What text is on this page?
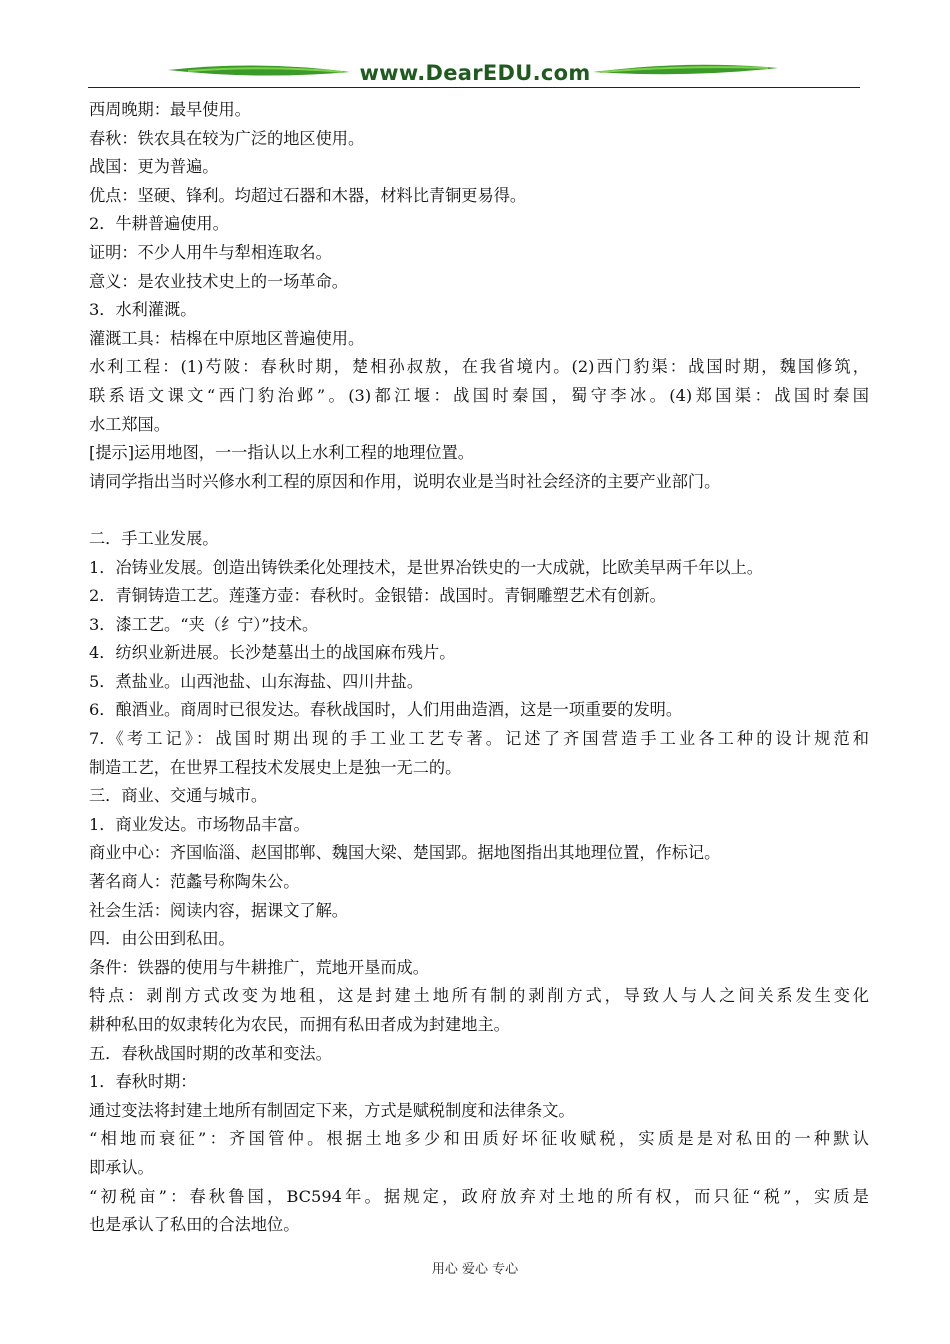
www.DearEDU.com
西周晚期：最早使用。
春秋：铁农具在较为广泛的地区使用。
战国：更为普遍。
优点：坚硬、锋利。均超过石器和木器，材料比青铜更易得。
2．牛耕普遍使用。
证明：不少人用牛与犁相连取名。
意义：是农业技术史上的一场革命。
3．水利灌溉。
灌溉工具：桔槔在中原地区普遍使用。
水利工程：(1)芍陂：春秋时期，楚相孙叔敖，在我省境内。(2)西门豹渠：战国时期，魏国修筑，
联系语文课文“西门豹治邺”。(3)都江堰：战国时秦国，蜀守李冰。(4)郑国渠：战国时秦国
水工郑国。
[提示]运用地图，一一指认以上水利工程的地理位置。
请同学指出当时兴修水利工程的原因和作用，说明农业是当时社会经济的主要产业部门。
二．手工业发展。
1．冶铸业发展。创造出铸铁柔化处理技术，是世界冶铁史的一大成就，比欧美早两千年以上。
2．青铜铸造工艺。莲蓬方壶：春秋时。金银错：战国时。青铜雕塑艺术有创新。
3．漆工艺。“夹（纟宁）”技术。
4．纺织业新进展。长沙楚墓出土的战国麻布残片。
5．煮盐业。山西池盐、山东海盐、四川井盐。
6．酿酒业。商周时已很发达。春秋战国时，人们用曲造酒，这是一项重要的发明。
7.《考工记》：战国时期出现的手工业工艺专著。记述了齐国营造手工业各工种的设计规范和
制造工艺，在世界工程技术发展史上是独一无二的。
三．商业、交通与城市。
1．商业发达。市场物品丰富。
商业中心：齐国临淄、赵国邯郸、魏国大梁、楚国郢。据地图指出其地理位置，作标记。
著名商人：范蠡号称陶朱公。
社会生活：阅读内容，据课文了解。
四．由公田到私田。
条件：铁器的使用与牛耕推广，荒地开垦而成。
特点：剥削方式改变为地租，这是封建土地所有制的剥削方式，导致人与人之间关系发生变化
耕种私田的奴隶转化为农民，而拥有私田者成为封建地主。
五．春秋战国时期的改革和变法。
1．春秋时期：
通过变法将封建土地所有制固定下来，方式是赋税制度和法律条文。
“相地而衰征”：齐国管仲。根据土地多少和田质好坏征收赋税，实质是是对私田的一种默认
即承认。
“初税亩”：春秋鲁国，BC594年。据规定，政府放弃对土地的所有权，而只征“税”，实质是
也是承认了私田的合法地位。
用心 爱心 专心
